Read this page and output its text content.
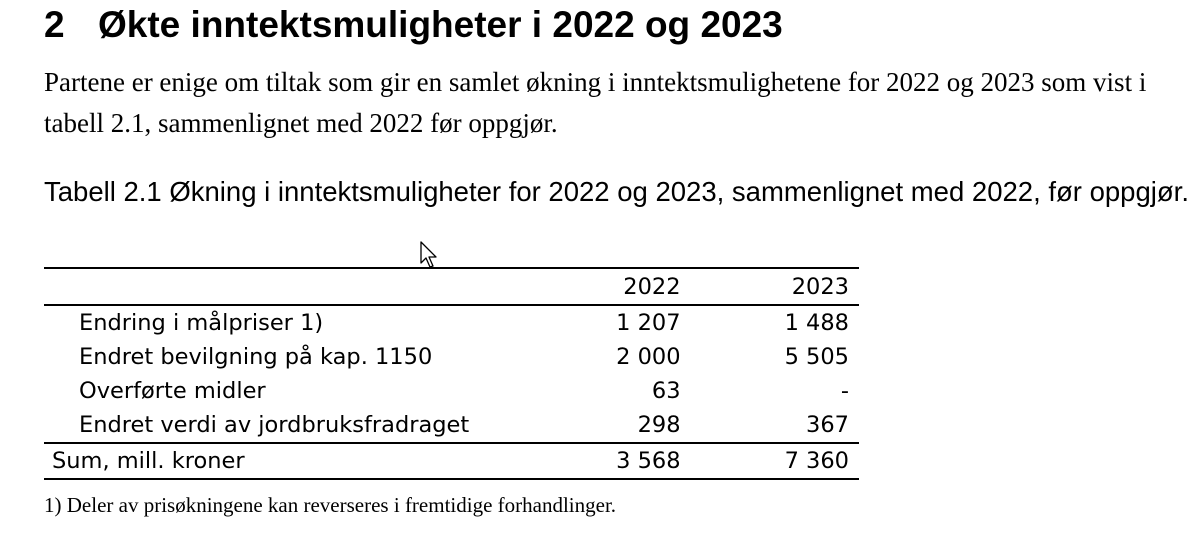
2 Økte inntektsmuligheter i 2022 og 2023

Partene er enige om tiltak som gir en samlet økning i inntektsmulighetene for 2022 og 2023 som vist i tabell 2.1, sammenlignet med 2022 før oppgjør.

Tabell 2.1 Økning i inntektsmuligheter for 2022 og 2023, sammenlignet med 2022, før oppgjør.

	2022	2023
Endring i målpriser 1)	1 207	1 488
Endret bevilgning på kap. 1150	2 000	5 505
Overførte midler	63	-
Endret verdi av jordbruksfradraget	298	367
Sum, mill. kroner	3 568	7 360

1) Deler av prisøkningene kan reverseres i fremtidige forhandlinger.
